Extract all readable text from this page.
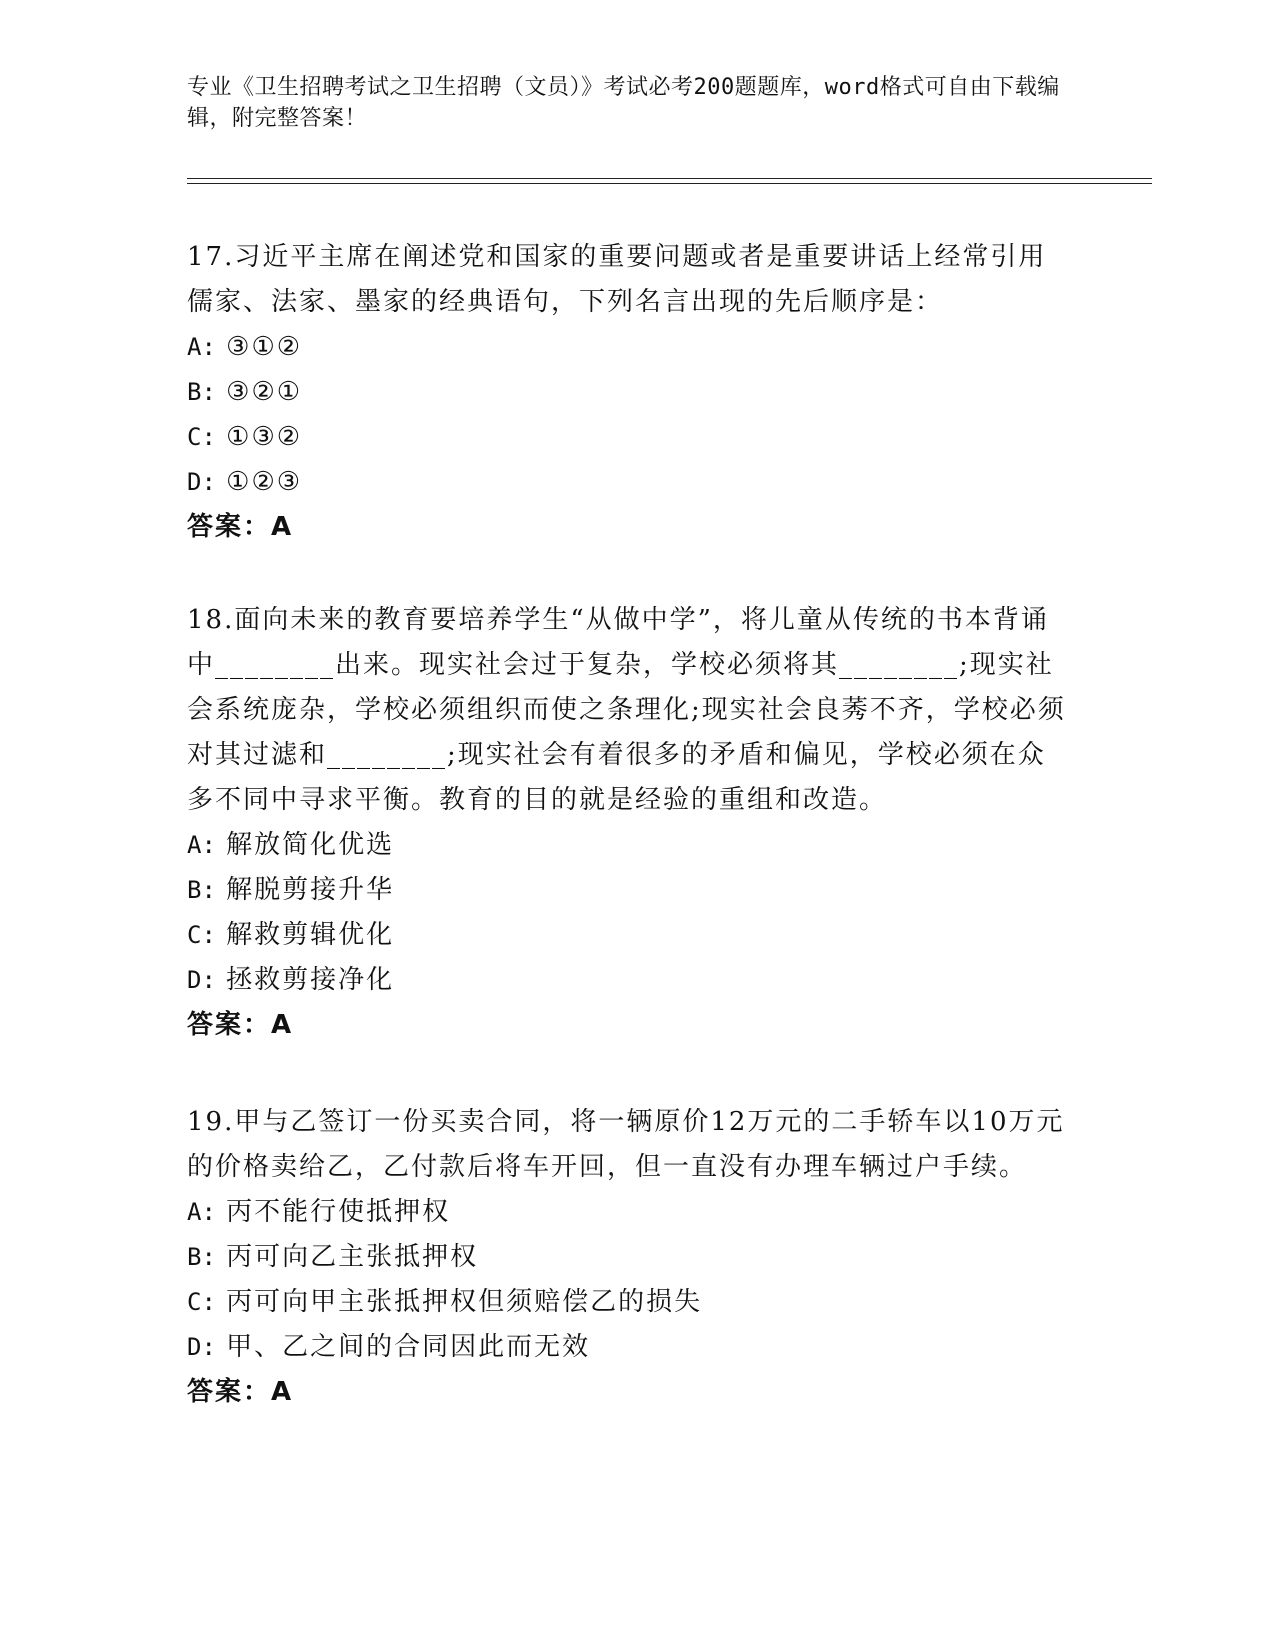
专业《卫生招聘考试之卫生招聘（文员）》考试必考200题题库，word格式可自由下载编辑，附完整答案！

17.习近平主席在阐述党和国家的重要问题或者是重要讲话上经常引用儒家、法家、墨家的经典语句，下列名言出现的先后顺序是：

A: ③①②

B: ③②①

C: ①③②

D: ①②③

答案：A

18.面向未来的教育要培养学生“从做中学”，将儿童从传统的书本背诵中________出来。现实社会过于复杂，学校必须将其________;现实社会系统庞杂，学校必须组织而使之条理化;现实社会良莠不齐，学校必须对其过滤和________;现实社会有着很多的矛盾和偏见，学校必须在众多不同中寻求平衡。教育的目的就是经验的重组和改造。

A: 解放简化优选

B: 解脱剪接升华

C: 解救剪辑优化

D: 拯救剪接净化

答案：A

19.甲与乙签订一份买卖合同，将一辆原价12万元的二手轿车以10万元的价格卖给乙，乙付款后将车开回，但一直没有办理车辆过户手续。

A: 丙不能行使抵押权

B: 丙可向乙主张抵押权

C: 丙可向甲主张抵押权但须赔偿乙的损失

D: 甲、乙之间的合同因此而无效

答案：A
